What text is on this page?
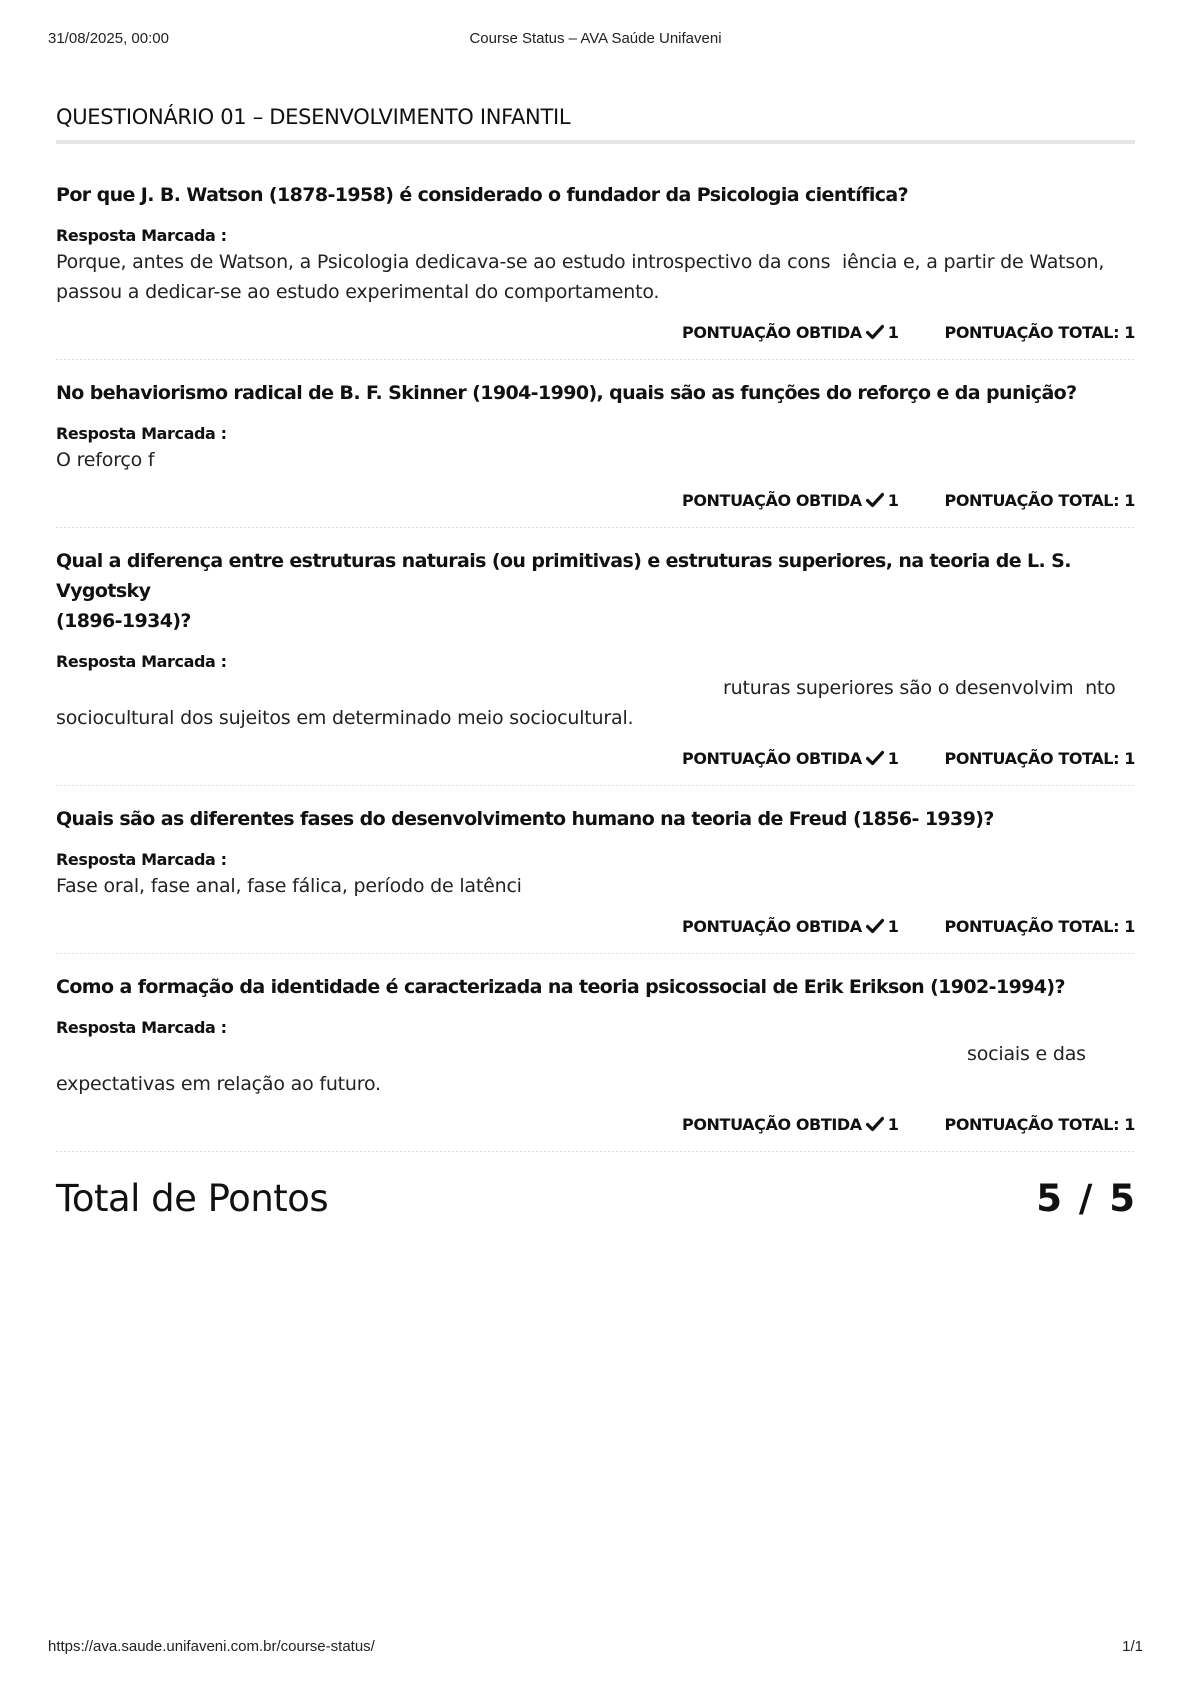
31/08/2025, 00:00	Course Status – AVA Saúde Unifaveni
QUESTIONÁRIO 01 – DESENVOLVIMENTO INFANTIL

Por que J. B. Watson (1878-1958) é considerado o fundador da Psicologia científica?

Resposta Marcada :
Porque, antes de Watson, a Psicologia dedicava-se ao estudo introspectivo da cons  iência e, a partir de Watson,
passou a dedicar-se ao estudo experimental do comportamento.
PONTUAÇÃO OBTIDA 1	PONTUAÇÃO TOTAL: 1

No behaviorismo radical de B. F. Skinner (1904-1990), quais são as funções do reforço e da punição?

Resposta Marcada :
O reforço f
PONTUAÇÃO OBTIDA 1	PONTUAÇÃO TOTAL: 1

Qual a diferença entre estruturas naturais (ou primitivas) e estruturas superiores, na teoria de L. S. Vygotsky
(1896-1934)?

Resposta Marcada :
ruturas superiores são o desenvolvim  nto
sociocultural dos sujeitos em determinado meio sociocultural.
PONTUAÇÃO OBTIDA 1	PONTUAÇÃO TOTAL: 1

Quais são as diferentes fases do desenvolvimento humano na teoria de Freud (1856- 1939)?

Resposta Marcada :
Fase oral, fase anal, fase fálica, período de latênci
PONTUAÇÃO OBTIDA 1	PONTUAÇÃO TOTAL: 1

Como a formação da identidade é caracterizada na teoria psicossocial de Erik Erikson (1902-1994)?

Resposta Marcada :
sociais e das
expectativas em relação ao futuro.
PONTUAÇÃO OBTIDA 1	PONTUAÇÃO TOTAL: 1
Total de Pontos	5 / 5
https://ava.saude.unifaveni.com.br/course-status/	1/1
